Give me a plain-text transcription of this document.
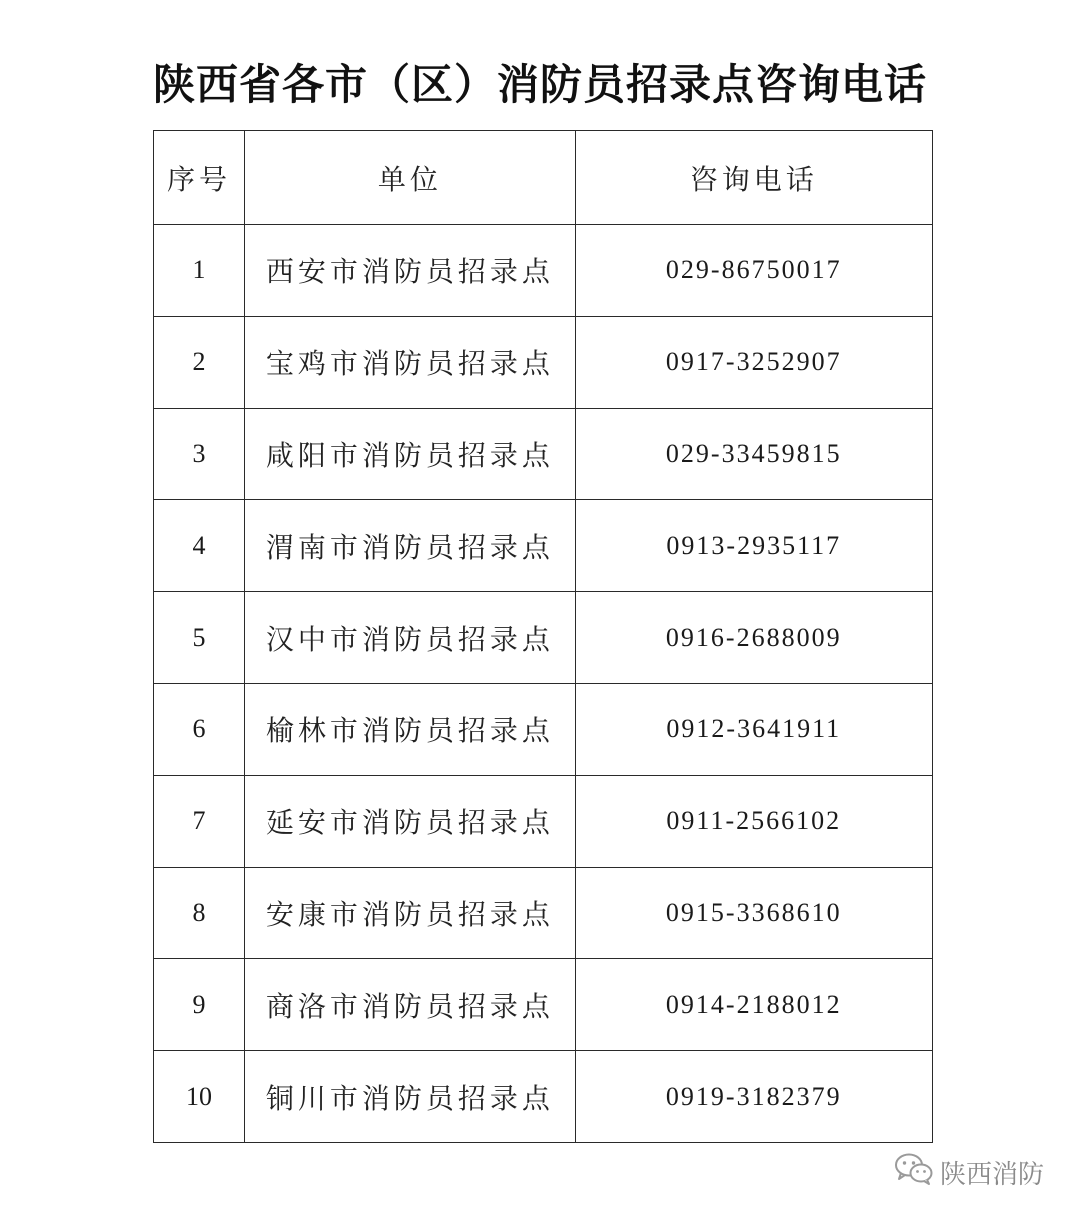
陕西省各市（区）消防员招录点咨询电话
序号	单位	咨询电话
1	西安市消防员招录点	029-86750017
2	宝鸡市消防员招录点	0917-3252907
3	咸阳市消防员招录点	029-33459815
4	渭南市消防员招录点	0913-2935117
5	汉中市消防员招录点	0916-2688009
6	榆林市消防员招录点	0912-3641911
7	延安市消防员招录点	0911-2566102
8	安康市消防员招录点	0915-3368610
9	商洛市消防员招录点	0914-2188012
10	铜川市消防员招录点	0919-3182379
陕西消防
